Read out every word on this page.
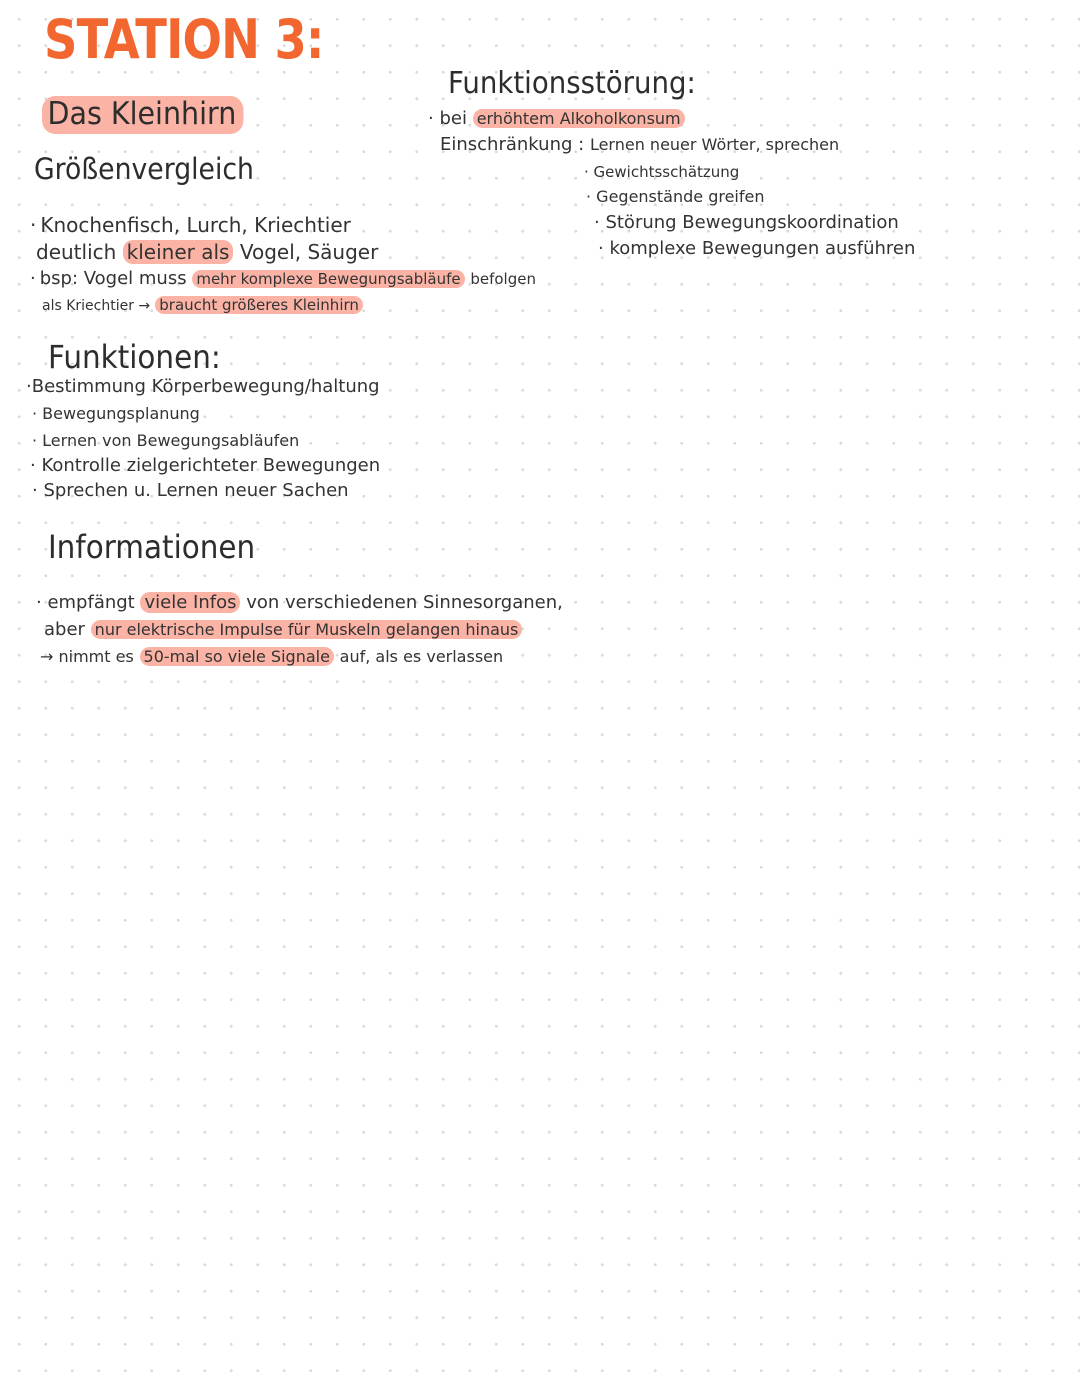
STATION 3:
Das Kleinhirn
Größenvergleich
· Knochenfisch, Lurch, Kriechtier
deutlich kleiner als Vogel, Säuger
· bsp: Vogel muss mehr komplexe Bewegungsabläufe befolgen
als Kriechtier → braucht größeres Kleinhirn
Funktionen:
·Bestimmung Körperbewegung/haltung
· Bewegungsplanung
· Lernen von Bewegungsabläufen
· Kontrolle zielgerichteter Bewegungen
· Sprechen u. Lernen neuer Sachen
Informationen
· empfängt viele Infos von verschiedenen Sinnesorganen,
aber nur elektrische Impulse für Muskeln gelangen hinaus
→ nimmt es 50-mal so viele Signale auf, als es verlassen
Funktionsstörung:
· bei erhöhtem Alkoholkonsum
Einschränkung : Lernen neuer Wörter, sprechen
· Gewichtsschätzung
· Gegenstände greifen
· Störung Bewegungskoordination
· komplexe Bewegungen ausführen
